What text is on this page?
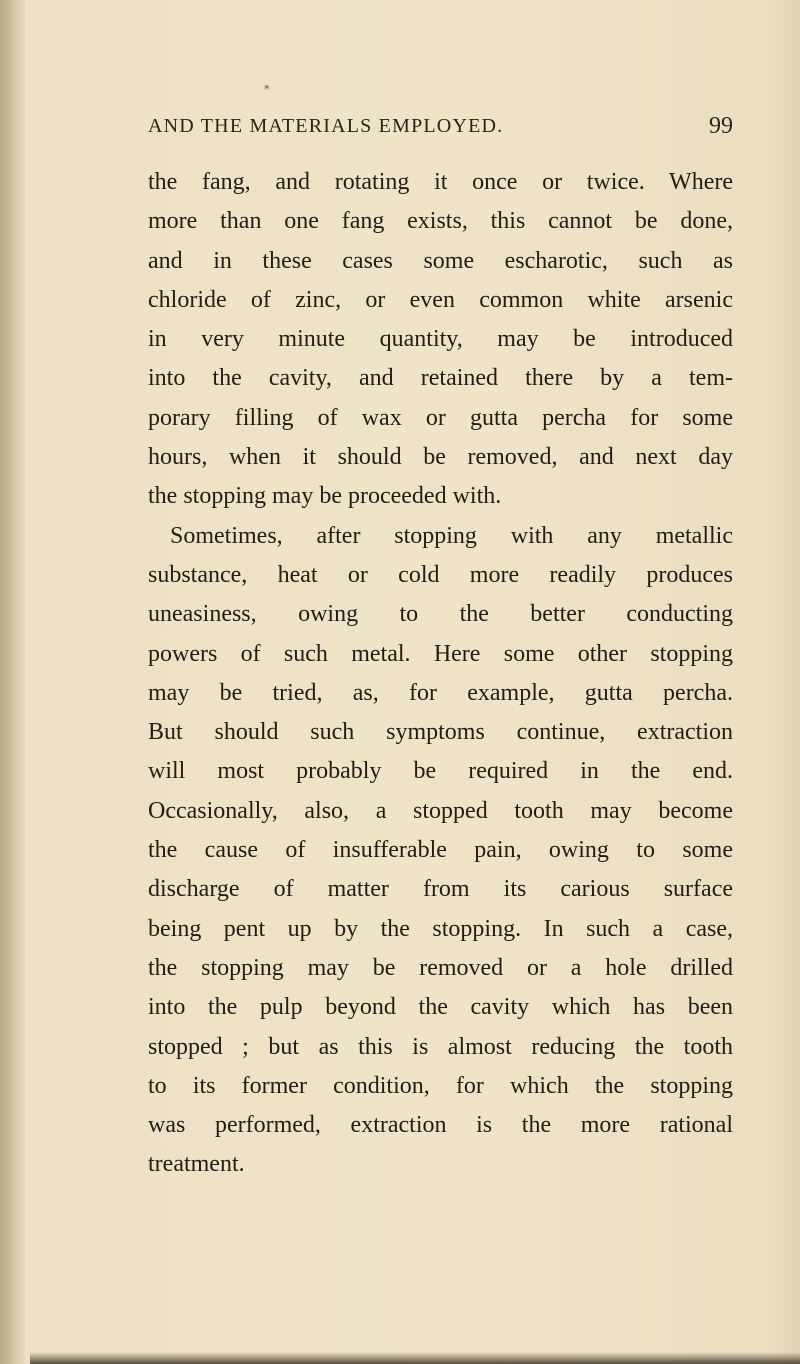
*
AND THE MATERIALS EMPLOYED.	99
the fang, and rotating it once or twice. Where
more than one fang exists, this cannot be done,
and in these cases some escharotic, such as
chloride of zinc, or even common white arsenic
in very minute quantity, may be introduced
into the cavity, and retained there by a tem-
porary filling of wax or gutta percha for some
hours, when it should be removed, and next day
the stopping may be proceeded with.
Sometimes, after stopping with any metallic
substance, heat or cold more readily produces
uneasiness, owing to the better conducting
powers of such metal. Here some other stopping
may be tried, as, for example, gutta percha.
But should such symptoms continue, extraction
will most probably be required in the end.
Occasionally, also, a stopped tooth may become
the cause of insufferable pain, owing to some
discharge of matter from its carious surface
being pent up by the stopping. In such a case,
the stopping may be removed or a hole drilled
into the pulp beyond the cavity which has been
stopped ; but as this is almost reducing the tooth
to its former condition, for which the stopping
was performed, extraction is the more rational
treatment.
